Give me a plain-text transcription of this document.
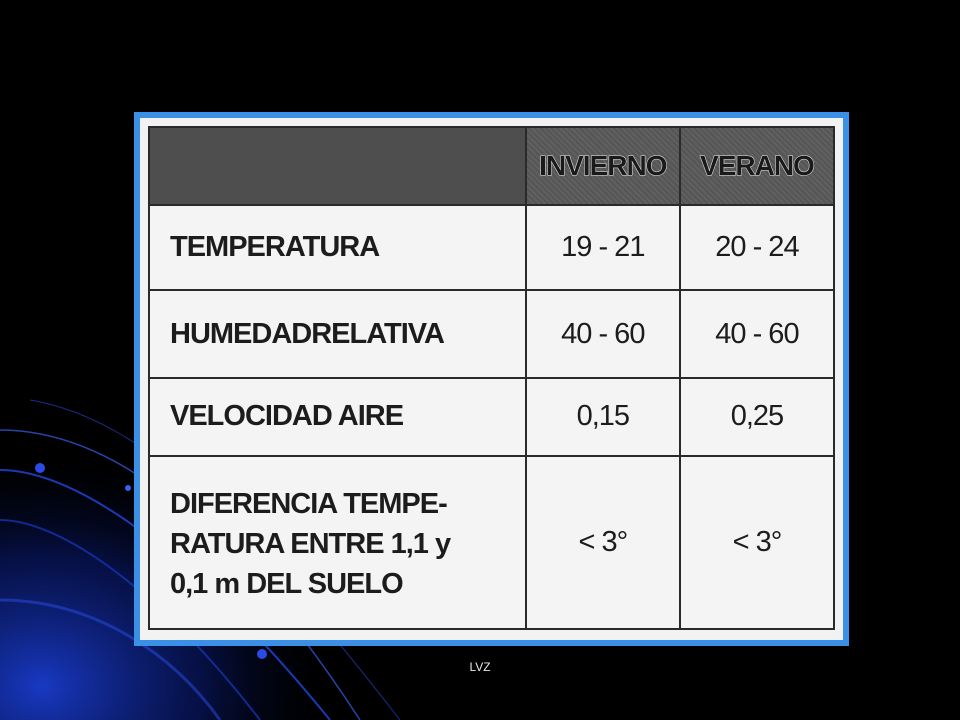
	INVIERNO	VERANO
TEMPERATURA	19 - 21	20 - 24
HUMEDADRELATIVA	40 - 60	40 - 60
VELOCIDAD AIRE	0,15	0,25

DIFERENCIA TEMPE-
RATURA ENTRE 1,1 y
0,1 m DEL SUELO	< 3°	< 3°
LVZ
